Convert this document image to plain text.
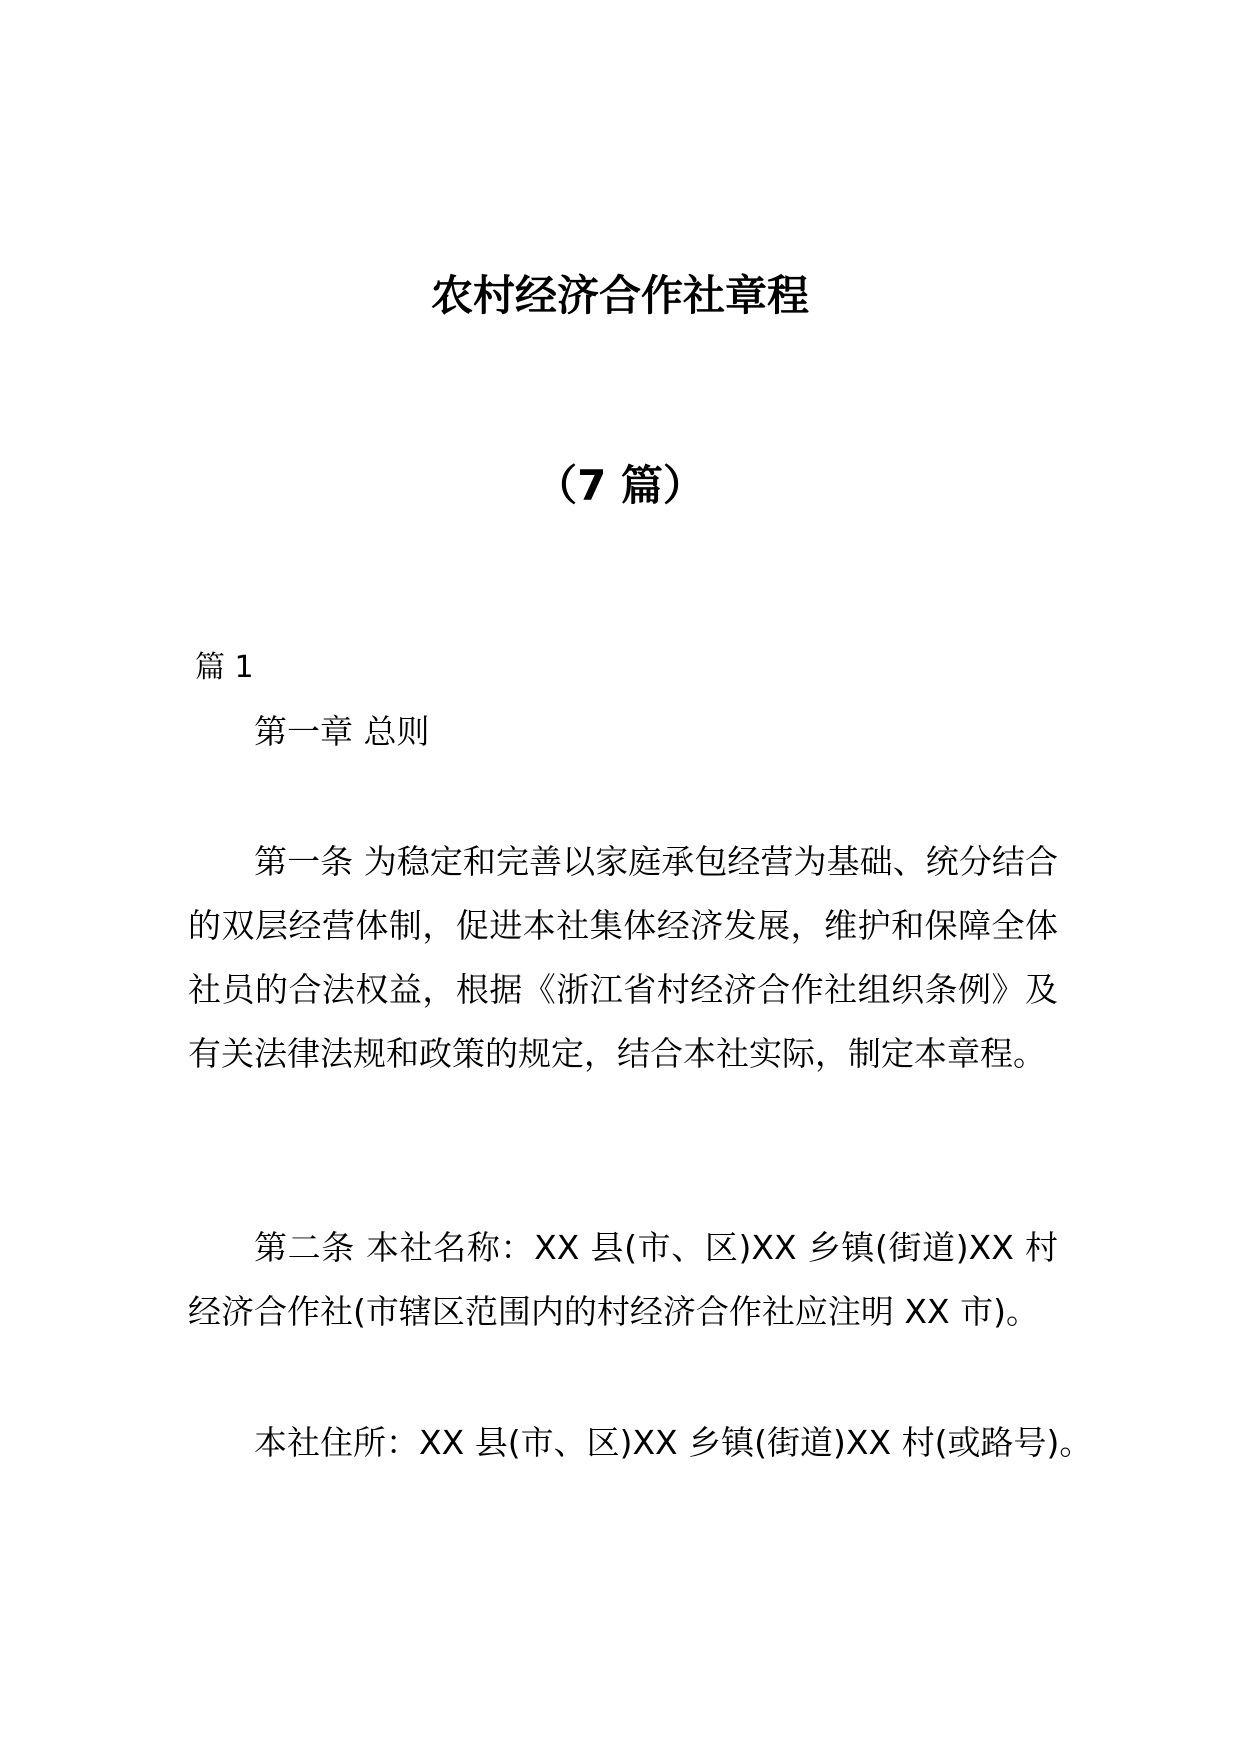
农村经济合作社章程
（7 篇）
篇 1

第一章 总则

第一条 为稳定和完善以家庭承包经营为基础、统分结合的双层经营体制，促进本社集体经济发展，维护和保障全体社员的合法权益，根据《浙江省村经济合作社组织条例》及有关法律法规和政策的规定，结合本社实际，制定本章程。

第二条 本社名称：XX 县(市、区)XX 乡镇(街道)XX 村经济合作社(市辖区范围内的村经济合作社应注明 XX 市)。

本社住所：XX 县(市、区)XX 乡镇(街道)XX 村(或路号)。
